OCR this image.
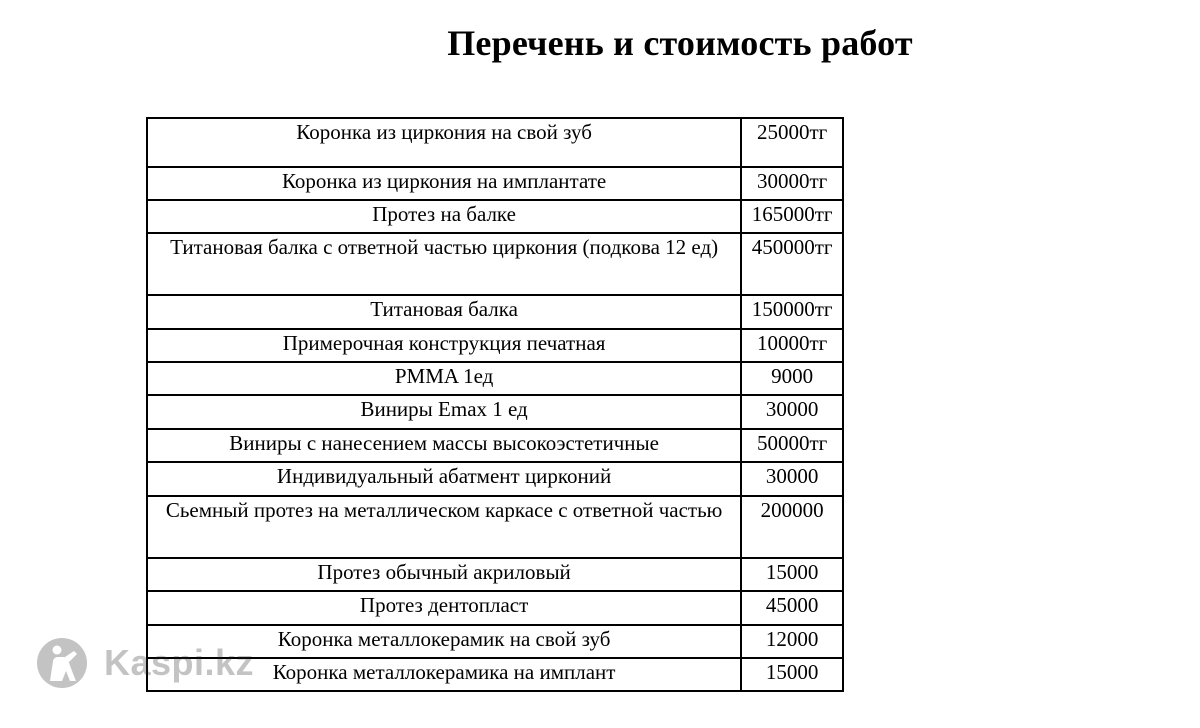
Перечень и стоимость работ
Коронка из циркония на свой зуб	25000тг
Коронка из циркония на имплантате	30000тг
Протез на балке	165000тг
Титановая балка с ответной частью циркония (подкова 12 ед)	450000тг
Титановая балка	150000тг
Примерочная конструкция печатная	10000тг
PMMA 1ед	9000
Виниры Emax 1 ед	30000
Виниры с нанесением массы высокоэстетичные	50000тг
Индивидуальный абатмент цирконий	30000
Сьемный протез на металлическом каркасе с ответной частью	200000
Протез обычный акриловый	15000
Протез дентопласт	45000
Коронка металлокерамик на свой зуб	12000
Коронка металлокерамика на имплант	15000
Kaspi.kz
